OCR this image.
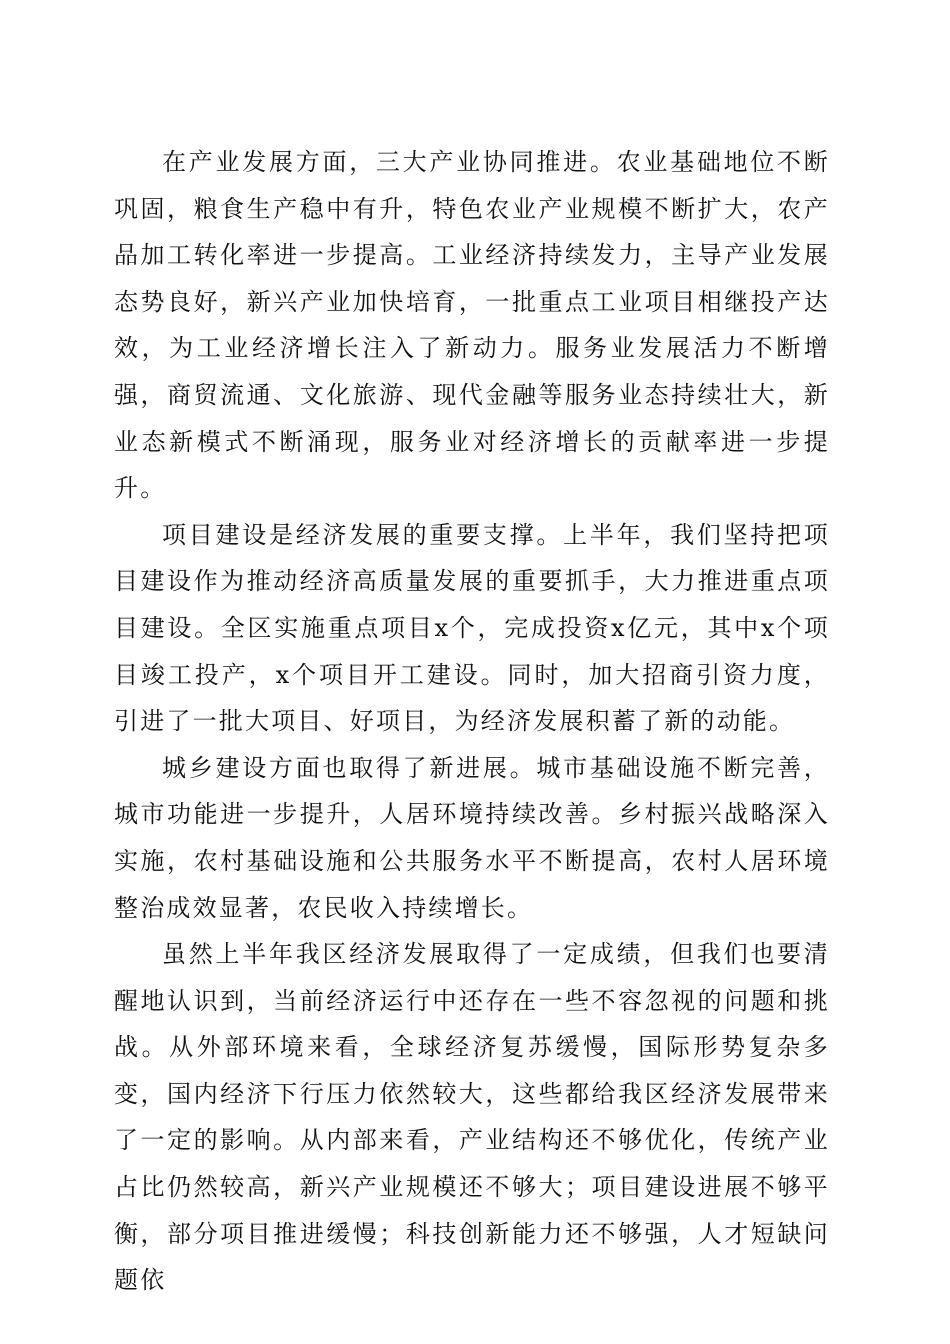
在产业发展方面，三大产业协同推进。农业基础地位不断巩固，粮食生产稳中有升，特色农业产业规模不断扩大，农产品加工转化率进一步提高。工业经济持续发力，主导产业发展态势良好，新兴产业加快培育，一批重点工业项目相继投产达效，为工业经济增长注入了新动力。服务业发展活力不断增强，商贸流通、文化旅游、现代金融等服务业态持续壮大，新业态新模式不断涌现，服务业对经济增长的贡献率进一步提升。

项目建设是经济发展的重要支撑。上半年，我们坚持把项目建设作为推动经济高质量发展的重要抓手，大力推进重点项目建设。全区实施重点项目x个，完成投资x亿元，其中x个项目竣工投产，x个项目开工建设。同时，加大招商引资力度，引进了一批大项目、好项目，为经济发展积蓄了新的动能。

城乡建设方面也取得了新进展。城市基础设施不断完善，城市功能进一步提升，人居环境持续改善。乡村振兴战略深入实施，农村基础设施和公共服务水平不断提高，农村人居环境整治成效显著，农民收入持续增长。

虽然上半年我区经济发展取得了一定成绩，但我们也要清醒地认识到，当前经济运行中还存在一些不容忽视的问题和挑战。从外部环境来看，全球经济复苏缓慢，国际形势复杂多变，国内经济下行压力依然较大，这些都给我区经济发展带来了一定的影响。从内部来看，产业结构还不够优化，传统产业占比仍然较高，新兴产业规模还不够大；项目建设进展不够平衡，部分项目推进缓慢；科技创新能力还不够强，人才短缺问题依
